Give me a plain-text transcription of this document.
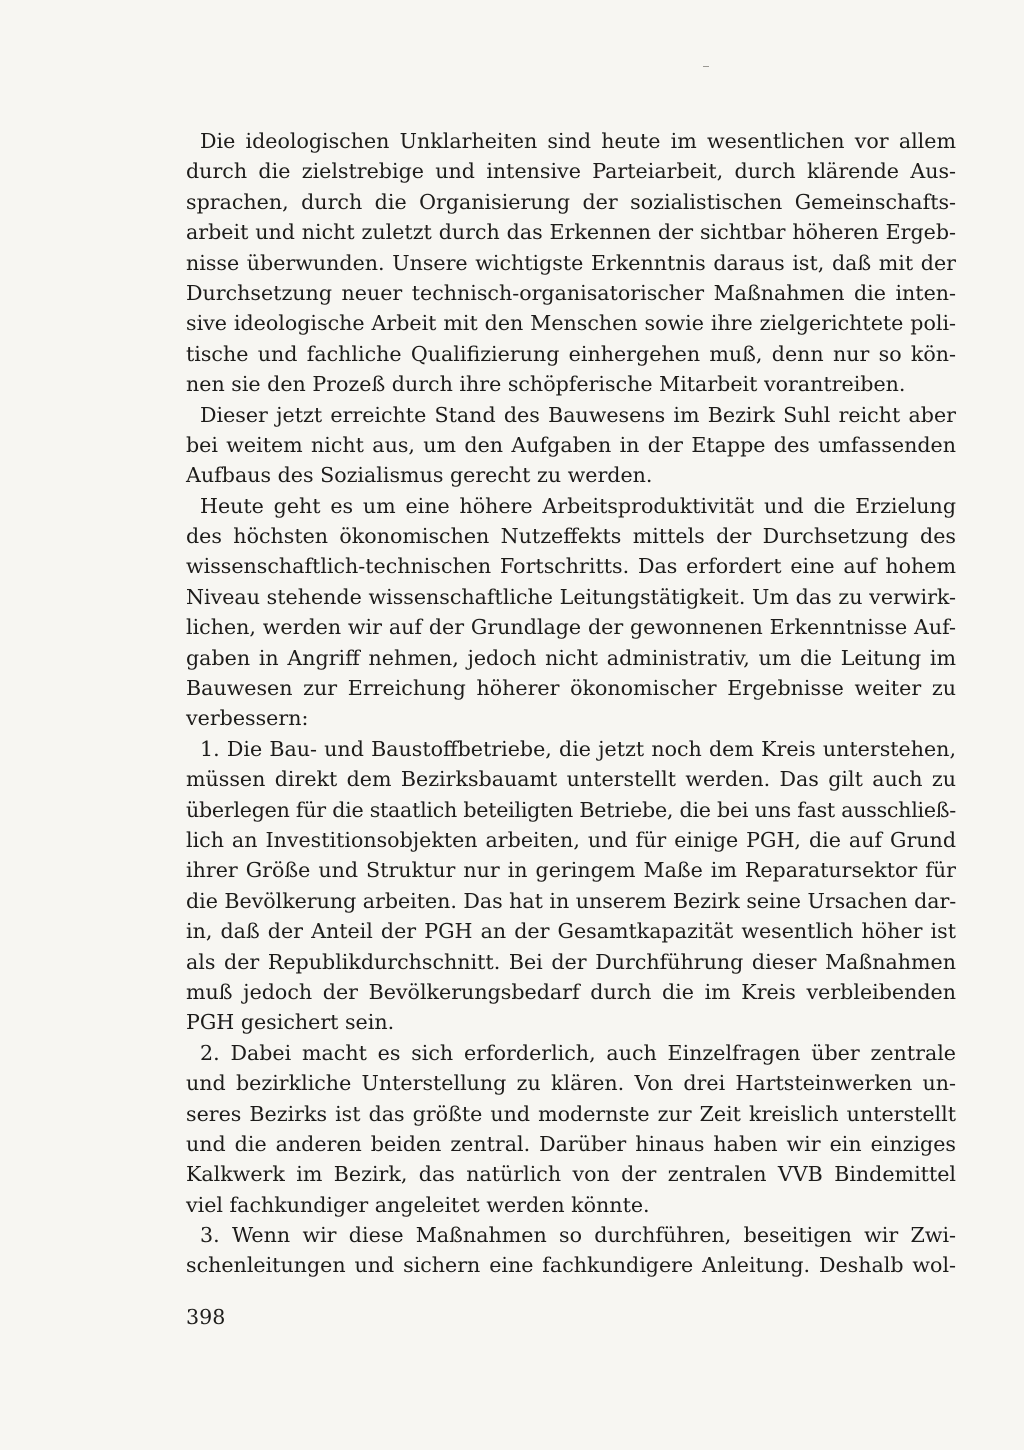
Die ideologischen Unklarheiten sind heute im wesentlichen vor allem
durch die zielstrebige und intensive Parteiarbeit, durch klärende Aus-
sprachen, durch die Organisierung der sozialistischen Gemeinschafts-
arbeit und nicht zuletzt durch das Erkennen der sichtbar höheren Ergeb-
nisse überwunden. Unsere wichtigste Erkenntnis daraus ist, daß mit der
Durchsetzung neuer technisch-organisatorischer Maßnahmen die inten-
sive ideologische Arbeit mit den Menschen sowie ihre zielgerichtete poli-
tische und fachliche Qualifizierung einhergehen muß, denn nur so kön-
nen sie den Prozeß durch ihre schöpferische Mitarbeit vorantreiben.
Dieser jetzt erreichte Stand des Bauwesens im Bezirk Suhl reicht aber
bei weitem nicht aus, um den Aufgaben in der Etappe des umfassenden
Aufbaus des Sozialismus gerecht zu werden.
Heute geht es um eine höhere Arbeitsproduktivität und die Erzielung
des höchsten ökonomischen Nutzeffekts mittels der Durchsetzung des
wissenschaftlich-technischen Fortschritts. Das erfordert eine auf hohem
Niveau stehende wissenschaftliche Leitungstätigkeit. Um das zu verwirk-
lichen, werden wir auf der Grundlage der gewonnenen Erkenntnisse Auf-
gaben in Angriff nehmen, jedoch nicht administrativ, um die Leitung im
Bauwesen zur Erreichung höherer ökonomischer Ergebnisse weiter zu
verbessern:
1. Die Bau- und Baustoffbetriebe, die jetzt noch dem Kreis unterstehen,
müssen direkt dem Bezirksbauamt unterstellt werden. Das gilt auch zu
überlegen für die staatlich beteiligten Betriebe, die bei uns fast ausschließ-
lich an Investitionsobjekten arbeiten, und für einige PGH, die auf Grund
ihrer Größe und Struktur nur in geringem Maße im Reparatursektor für
die Bevölkerung arbeiten. Das hat in unserem Bezirk seine Ursachen dar-
in, daß der Anteil der PGH an der Gesamtkapazität wesentlich höher ist
als der Republikdurchschnitt. Bei der Durchführung dieser Maßnahmen
muß jedoch der Bevölkerungsbedarf durch die im Kreis verbleibenden
PGH gesichert sein.
2. Dabei macht es sich erforderlich, auch Einzelfragen über zentrale
und bezirkliche Unterstellung zu klären. Von drei Hartsteinwerken un-
seres Bezirks ist das größte und modernste zur Zeit kreislich unterstellt
und die anderen beiden zentral. Darüber hinaus haben wir ein einziges
Kalkwerk im Bezirk, das natürlich von der zentralen VVB Bindemittel
viel fachkundiger angeleitet werden könnte.
3. Wenn wir diese Maßnahmen so durchführen, beseitigen wir Zwi-
schenleitungen und sichern eine fachkundigere Anleitung. Deshalb wol-
398
